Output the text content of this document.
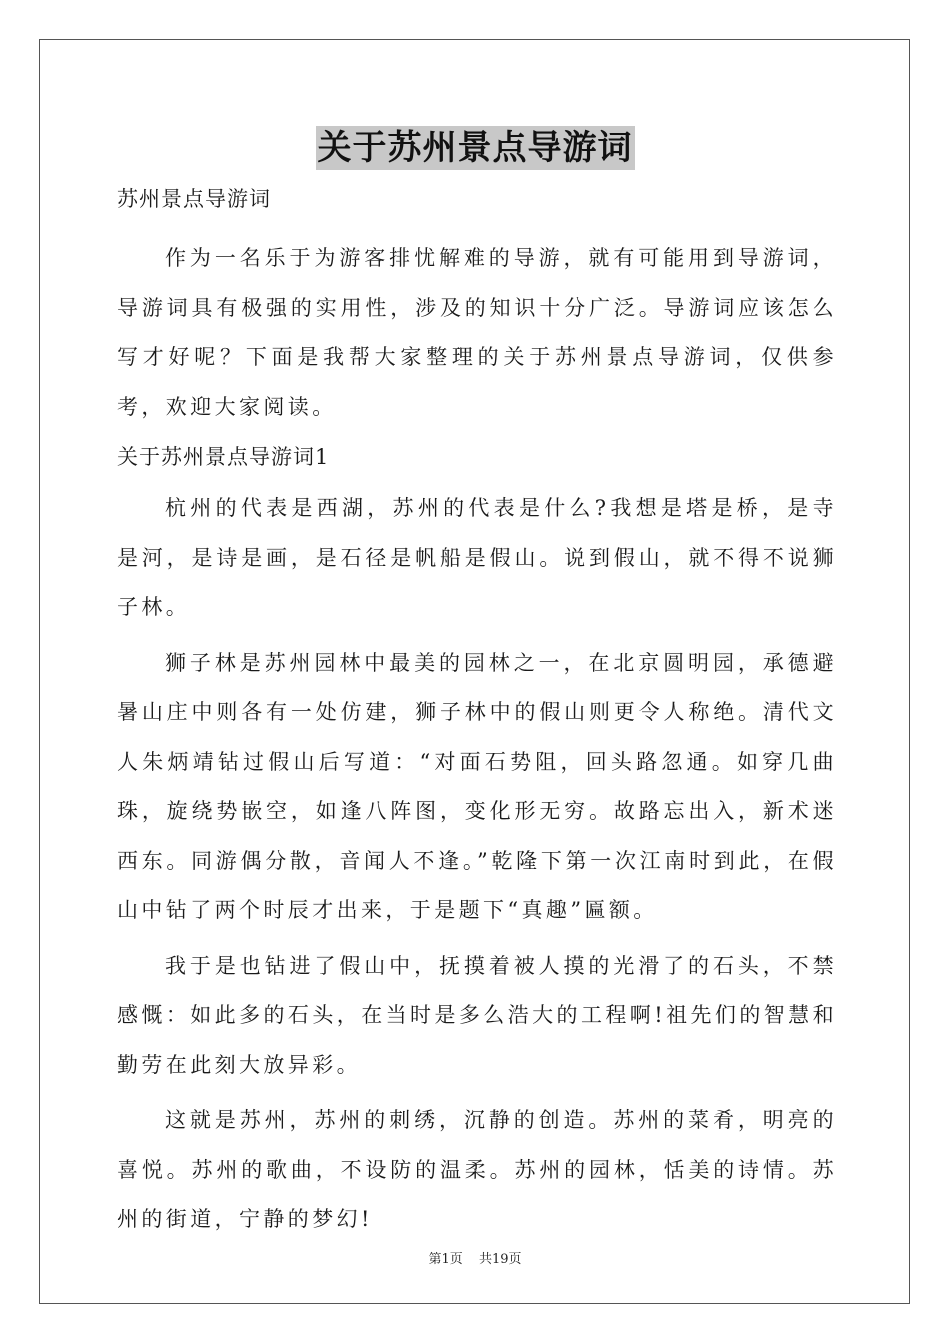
关于苏州景点导游词
苏州景点导游词

作为一名乐于为游客排忧解难的导游，就有可能用到导游词，导游词具有极强的实用性，涉及的知识十分广泛。导游词应该怎么写才好呢？下面是我帮大家整理的关于苏州景点导游词，仅供参考，欢迎大家阅读。

关于苏州景点导游词1

杭州的代表是西湖，苏州的代表是什么?我想是塔是桥，是寺是河，是诗是画，是石径是帆船是假山。说到假山，就不得不说狮子林。

狮子林是苏州园林中最美的园林之一，在北京圆明园，承德避暑山庄中则各有一处仿建，狮子林中的假山则更令人称绝。清代文人朱炳靖钻过假山后写道：“对面石势阻，回头路忽通。如穿几曲珠，旋绕势嵌空，如逢八阵图，变化形无穷。故路忘出入，新术迷西东。同游偶分散，音闻人不逢。”乾隆下第一次江南时到此，在假山中钻了两个时辰才出来，于是题下“真趣”匾额。

我于是也钻进了假山中，抚摸着被人摸的光滑了的石头，不禁感慨：如此多的石头，在当时是多么浩大的工程啊!祖先们的智慧和勤劳在此刻大放异彩。

这就是苏州，苏州的刺绣，沉静的创造。苏州的菜肴，明亮的喜悦。苏州的歌曲，不设防的温柔。苏州的园林，恬美的诗情。苏州的街道，宁静的梦幻!

第1页 共19页
